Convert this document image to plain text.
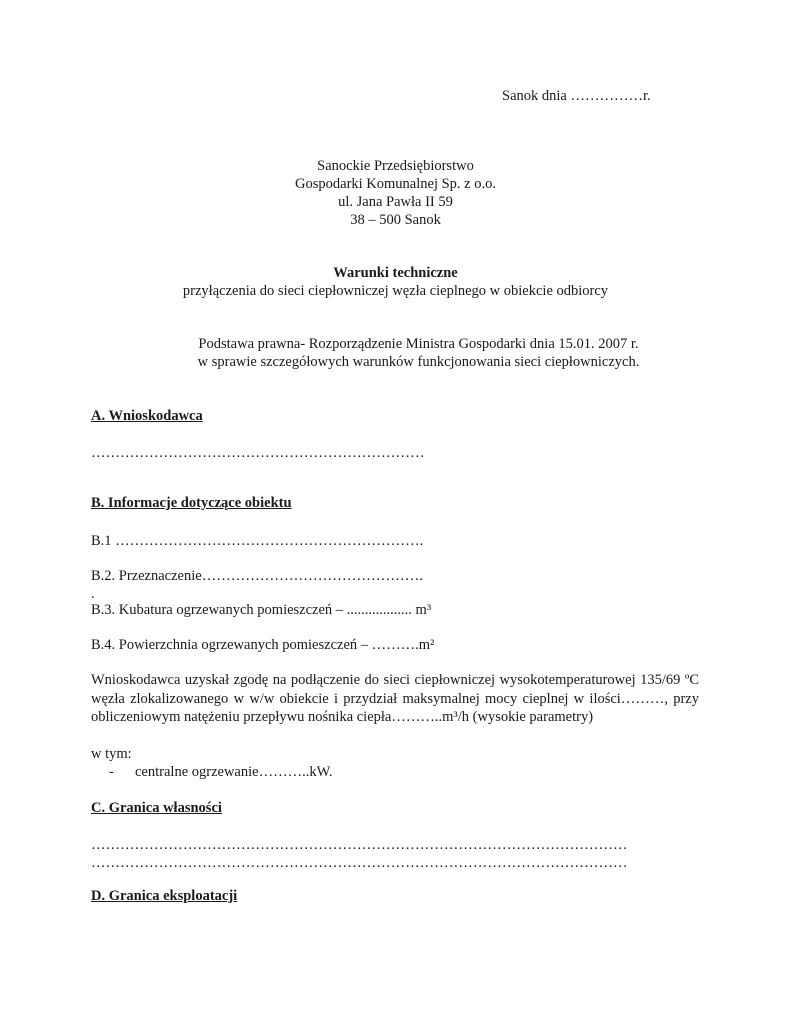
Sanok dnia ……………r.
Sanockie Przedsiębiorstwo
Gospodarki Komunalnej Sp. z o.o.
ul. Jana Pawła II 59
38 – 500 Sanok
Warunki techniczne
przyłączenia do sieci ciepłowniczej węzła cieplnego w obiekcie odbiorcy
Podstawa prawna- Rozporządzenie Ministra Gospodarki dnia 15.01. 2007 r.
w sprawie szczegółowych warunków funkcjonowania sieci ciepłowniczych.
A. Wnioskodawca
……………………………………………………………
B. Informacje dotyczące obiektu
B.1 ……………………………………………………….
B.2. Przeznaczenie……………………………………….
.
B.3. Kubatura ogrzewanych pomieszczeń – .................. m³
B.4. Powierzchnia ogrzewanych pomieszczeń – ……….m²
Wnioskodawca uzyskał zgodę na podłączenie do sieci ciepłowniczej wysokotemperaturowej 135/69 ºC węzła zlokalizowanego w w/w obiekcie i przydział maksymalnej mocy cieplnej w ilości………, przy obliczeniowym natężeniu przepływu nośnika ciepła………..m³/h (wysokie parametry)
w tym:
- centralne ogrzewanie………..kW.
C. Granica własności
…………………………………………………………………………………………………
…………………………………………………………………………………………………
D. Granica eksploatacji
